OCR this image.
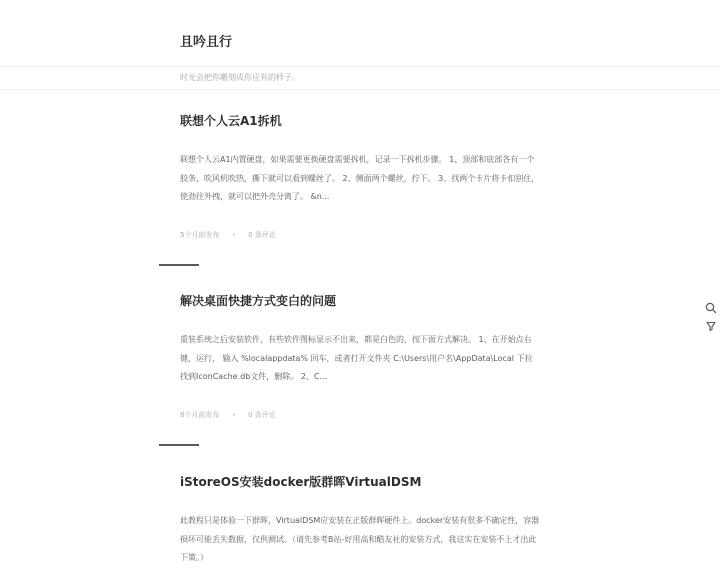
且吟且行
时光会把你雕刻成你应有的样子。
联想个人云A1拆机

联想个人云A1内置硬盘，如果需要更换硬盘需要拆机，记录一下拆机步骤。 1、顶部和底部各有一个胶条，吹风机吹热，撕下就可以看到螺丝了。 2、侧面两个螺丝，拧下。 3、找两个卡片将卡扣别住，使劲往外拽，就可以把外壳分离了。 &n...

5个月前发布 • 0 条评论
解决桌面快捷方式变白的问题

重装系统之后安装软件，有些软件图标显示不出来，都是白色的，按下面方式解决。 1、在开始点右键，运行， 输入 %localappdata% 回车，或者打开文件夹 C:\Users\用户名\AppData\Local 下拉找到IconCache.db文件，删除。 2、C...

8个月前发布 • 0 条评论
iStoreOS安装docker版群晖VirtualDSM

此教程只是体验一下群晖，VirtualDSM应安装在正版群晖硬件上。docker安装有很多不确定性，容器损坏可能丢失数据，仅供测试。（请先参考B站-好用高和酷友社的安装方式，我这实在安装不上才出此下策。）
